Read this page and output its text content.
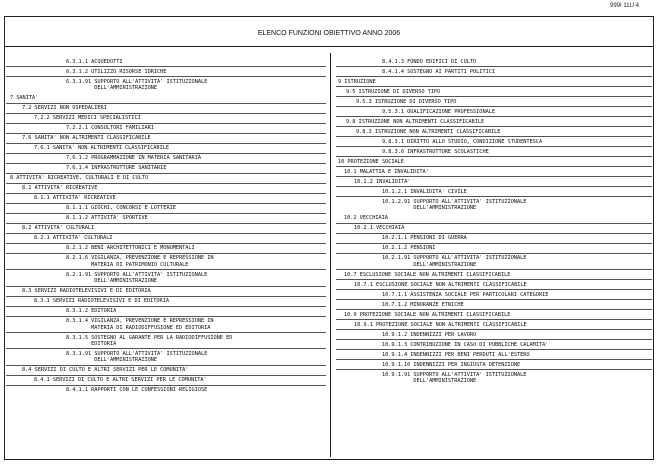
999I 11U 4
ELENCO FUNZIONI OBIETTIVO ANNO 2006
6.3.1.1 ACQUEDOTTI
6.3.1.2 UTILIZZO RISORSE IDRICHE
6.3.1.91 SUPPORTO ALL'ATTIVITA' ISTITUZIONALE
DELL'AMMINISTRAZIONE
7 SANITA'
7.2 SERVIZI NON OSPEDALIERI
7.2.2 SERVIZI MEDICI SPECIALISTICI
7.2.2.1 CONSULTORI FAMILIARI
7.6 SANITA' NON ALTRIMENTI CLASSIFICABILE
7.6.1 SANITA' NON ALTRIMENTI CLASSIFICABILE
7.6.1.2 PROGRAMMAZIONE IN MATERIA SANITARIA
7.6.1.4 INFRASTRUTTURE SANITARIE
8 ATTIVITA' RICREATIVE, CULTURALI E DI CULTO
8.1 ATTIVITA' RICREATIVE
8.1.1 ATTIVITA' RICREATIVE
8.1.1.1 GIOCHI, CONCORSI E LOTTERIE
8.1.1.2 ATTIVITA' SPORTIVE
8.2 ATTIVITA' CULTURALI
8.2.1 ATTIVITA' CULTURALI
8.2.1.2 BENI ARCHITETTONICI E MONUMENTALI
8.2.1.6 VIGILANZA, PREVENZIONE E REPRESSIONE IN
MATERIA DI PATRIMONIO CULTURALE
8.2.1.91 SUPPORTO ALL'ATTIVITA' ISTITUZIONALE
DELL'AMMINISTRAZIONE
8.3 SERVIZI RADIOTELEVISIVI E DI EDITORIA
8.3.1 SERVIZI RADIOTELEVISIVI E DI EDITORIA
8.3.1.2 EDITORIA
8.3.1.4 VIGILANZA, PREVENZIONE E REPRESSIONE IN
MATERIA DI RADIODIFFUSIONE ED EDITORIA
8.3.1.5 SOSTEGNO AL GARANTE PER LA RADIODIFFUSIONE ED
EDITORIA
8.3.1.91 SUPPORTO ALL'ATTIVITA' ISTITUZIONALE
DELL'AMMINISTRAZIONE
8.4 SERVIZI DI CULTO E ALTRI SERVIZI PER LE COMUNITA'
8.4.1 SERVIZI DI CULTO E ALTRI SERVIZI PER LE COMUNITA'
8.4.1.1 RAPPORTI CON LE CONFESSIONI RELIGIOSE
8.4.1.3 FONDO EDIFICI DI CULTO
8.4.1.4 SOSTEGNO AI PARTITI POLITICI
9 ISTRUZIONE
9.5 ISTRUZIONE DI DIVERSO TIPO
9.5.3 ISTRUZIONE DI DIVERSO TIPO
9.5.3.1 QUALIFICAZIONE PROFESSIONALE
9.8 ISTRUZIONE NON ALTRIMENTI CLASSIFICABILE
9.8.3 ISTRUZIONE NON ALTRIMENTI CLASSIFICABILE
9.8.3.1 DIRITTO ALLO STUDIO, CONDIZIONE STUDENTESCA
9.8.3.6 INFRASTRUTTURE SCOLASTICHE
10 PROTEZIONE SOCIALE
10.1 MALATTIA E INVALIDITA'
10.1.2 INVALIDITA'
10.1.2.1 INVALIDITA' CIVILE
10.1.2.91 SUPPORTO ALL'ATTIVITA' ISTITUZIONALE
DELL'AMMINISTRAZIONE
10.2 VECCHIAIA
10.2.1 VECCHIAIA
10.2.1.1 PENSIONI DI GUERRA
10.2.1.2 PENSIONI
10.2.1.91 SUPPORTO ALL'ATTIVITA' ISTITUZIONALE
DELL'AMMINISTRAZIONE
10.7 ESCLUSIONE SOCIALE NON ALTRIMENTI CLASSIFICABILE
10.7.1 ESCLUSIONE SOCIALE NON ALTRIMENTI CLASSIFICABILE
10.7.1.1 ASSISTENZA SOCIALE PER PARTICOLARI CATEGORIE
10.7.1.2 MINORANZE ETNICHE
10.9 PROTEZIONE SOCIALE NON ALTRIMENTI CLASSIFICABILE
10.9.1 PROTEZIONE SOCIALE NON ALTRIMENTI CLASSIFICABILE
10.9.1.2 INDENNIZZI PER LAVORO
10.9.1.3 CONTRIBUZIONE IN CASO DI PUBBLICHE CALAMITA'
10.9.1.4 INDENNIZZI PER BENI PERDUTI ALL'ESTERO
10.9.1.10 INDENNIZZI PER INGIUSTA DETENZIONE
10.9.1.91 SUPPORTO ALL'ATTIVITA' ISTITUZIONALE
DELL'AMMINISTRAZIONE
